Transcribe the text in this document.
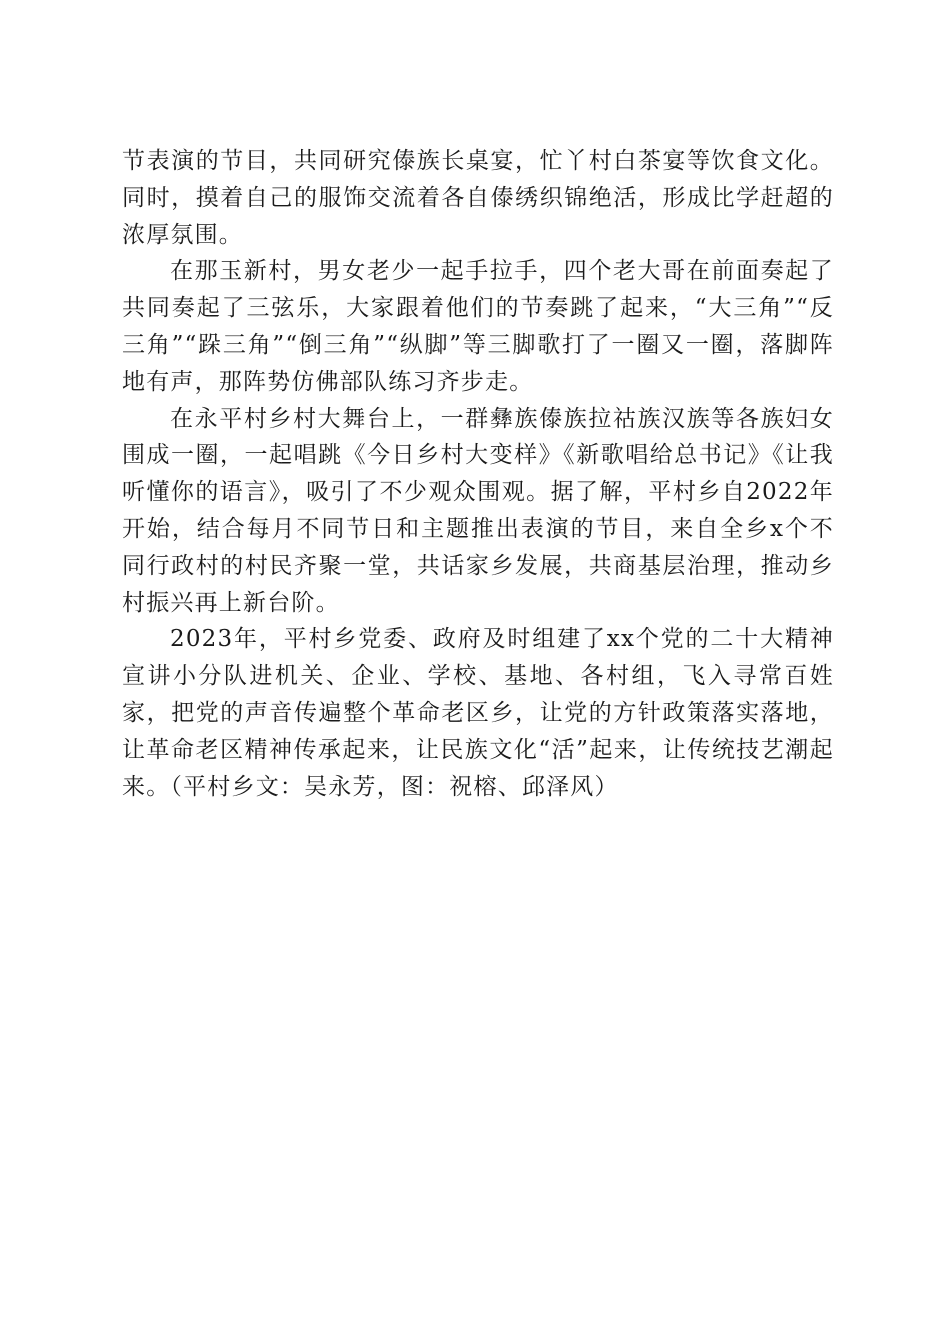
节表演的节目，共同研究傣族长桌宴，忙丫村白茶宴等饮食文化。同时，摸着自己的服饰交流着各自傣绣织锦绝活，形成比学赶超的浓厚氛围。

在那玉新村，男女老少一起手拉手，四个老大哥在前面奏起了共同奏起了三弦乐，大家跟着他们的节奏跳了起来，“大三角”“反三角”“跺三角”“倒三角”“纵脚”等三脚歌打了一圈又一圈，落脚阵地有声，那阵势仿佛部队练习齐步走。

在永平村乡村大舞台上，一群彝族傣族拉祜族汉族等各族妇女围成一圈，一起唱跳《今日乡村大变样》《新歌唱给总书记》《让我听懂你的语言》，吸引了不少观众围观。据了解，平村乡自2022年开始，结合每月不同节日和主题推出表演的节目，来自全乡x个不同行政村的村民齐聚一堂，共话家乡发展，共商基层治理，推动乡村振兴再上新台阶。

2023年，平村乡党委、政府及时组建了xx个党的二十大精神宣讲小分队进机关、企业、学校、基地、各村组，飞入寻常百姓家，把党的声音传遍整个革命老区乡，让党的方针政策落实落地，让革命老区精神传承起来，让民族文化“活”起来，让传统技艺潮起来。（平村乡文：吴永芳，图：祝榕、邱泽风）
